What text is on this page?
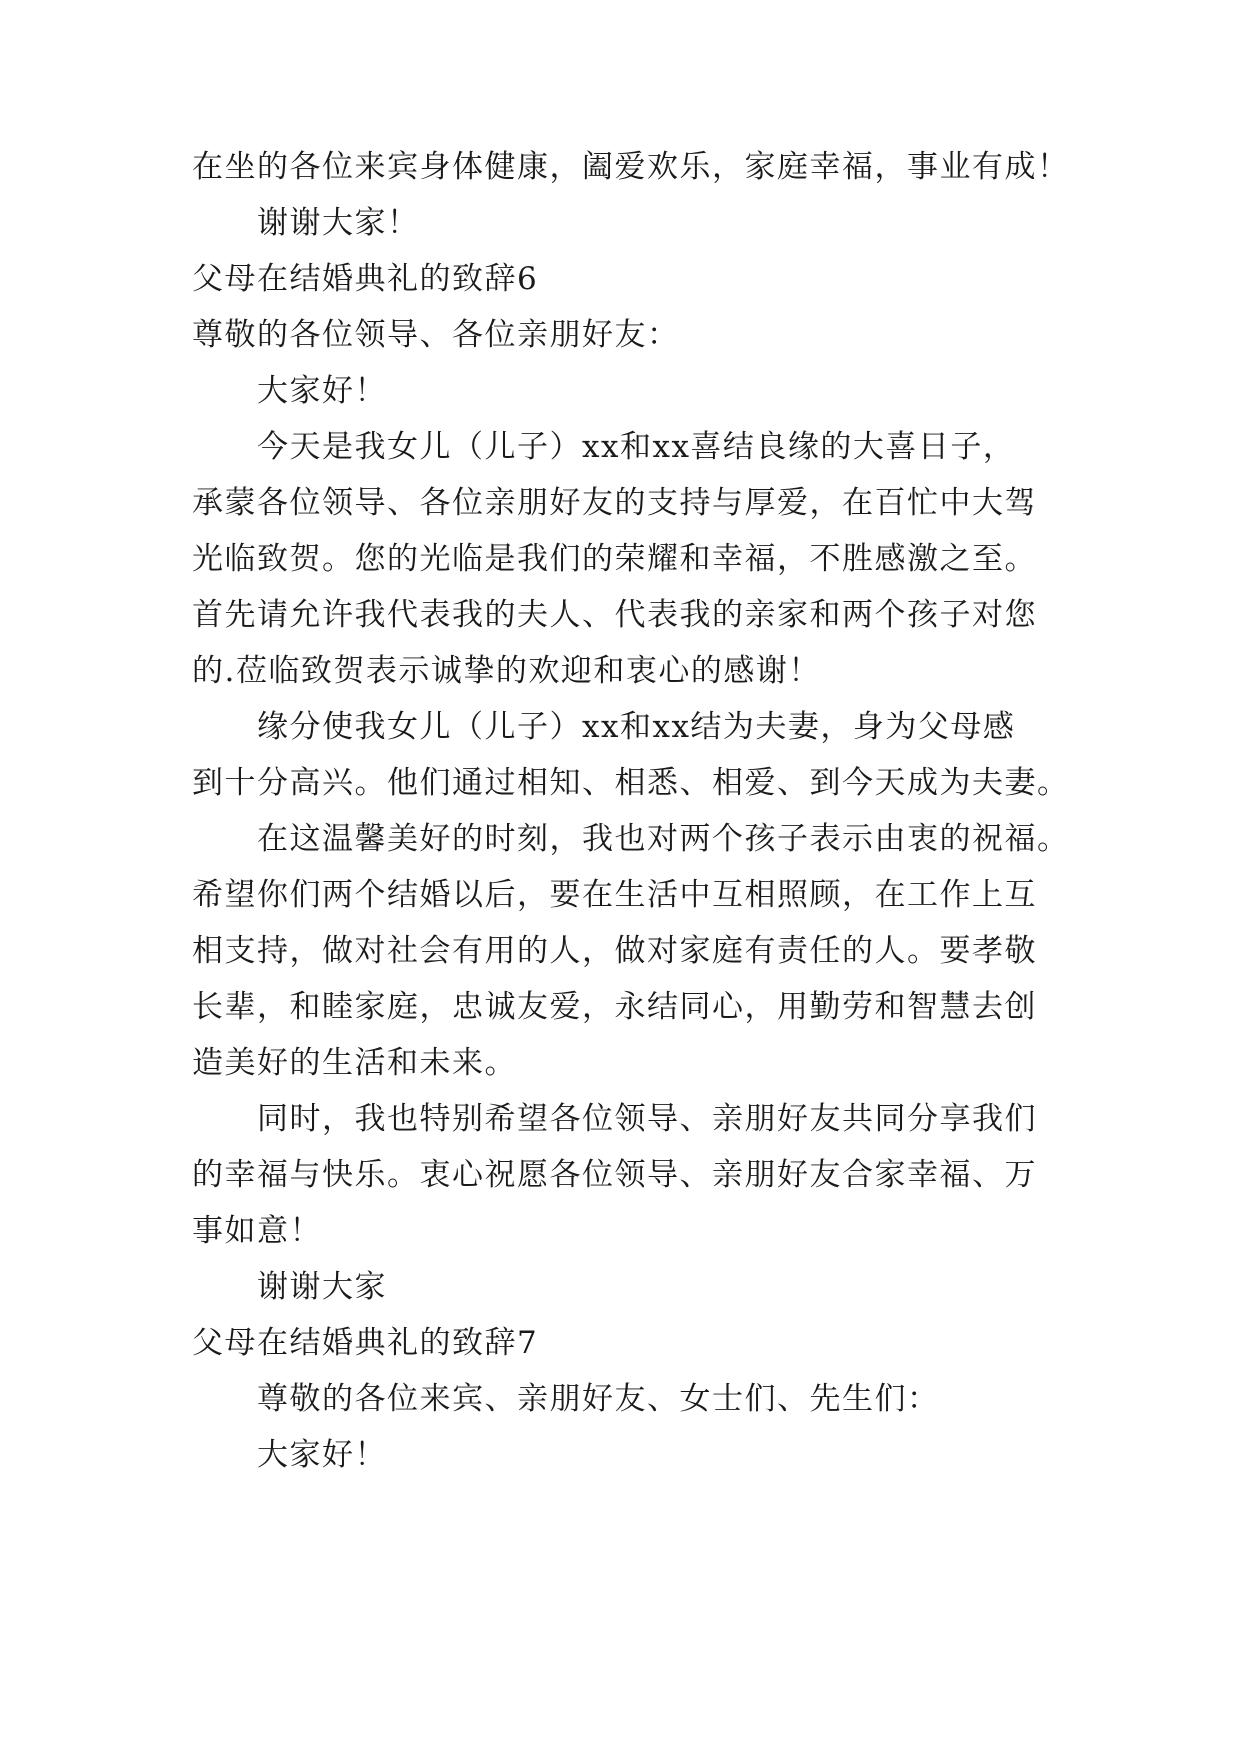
在坐的各位来宾身体健康，阖爱欢乐，家庭幸福，事业有成！
谢谢大家！
父母在结婚典礼的致辞6
尊敬的各位领导、各位亲朋好友：
大家好！
今天是我女儿（儿子）xx和xx喜结良缘的大喜日子，
承蒙各位领导、各位亲朋好友的支持与厚爱，在百忙中大驾
光临致贺。您的光临是我们的荣耀和幸福，不胜感激之至。
首先请允许我代表我的夫人、代表我的亲家和两个孩子对您
的.莅临致贺表示诚挚的欢迎和衷心的感谢！
缘分使我女儿（儿子）xx和xx结为夫妻，身为父母感
到十分高兴。他们通过相知、相悉、相爱、到今天成为夫妻。
在这温馨美好的时刻，我也对两个孩子表示由衷的祝福。
希望你们两个结婚以后，要在生活中互相照顾，在工作上互
相支持，做对社会有用的人，做对家庭有责任的人。要孝敬
长辈，和睦家庭，忠诚友爱，永结同心，用勤劳和智慧去创
造美好的生活和未来。
同时，我也特别希望各位领导、亲朋好友共同分享我们
的幸福与快乐。衷心祝愿各位领导、亲朋好友合家幸福、万
事如意！
谢谢大家
父母在结婚典礼的致辞7
尊敬的各位来宾、亲朋好友、女士们、先生们：
大家好！
